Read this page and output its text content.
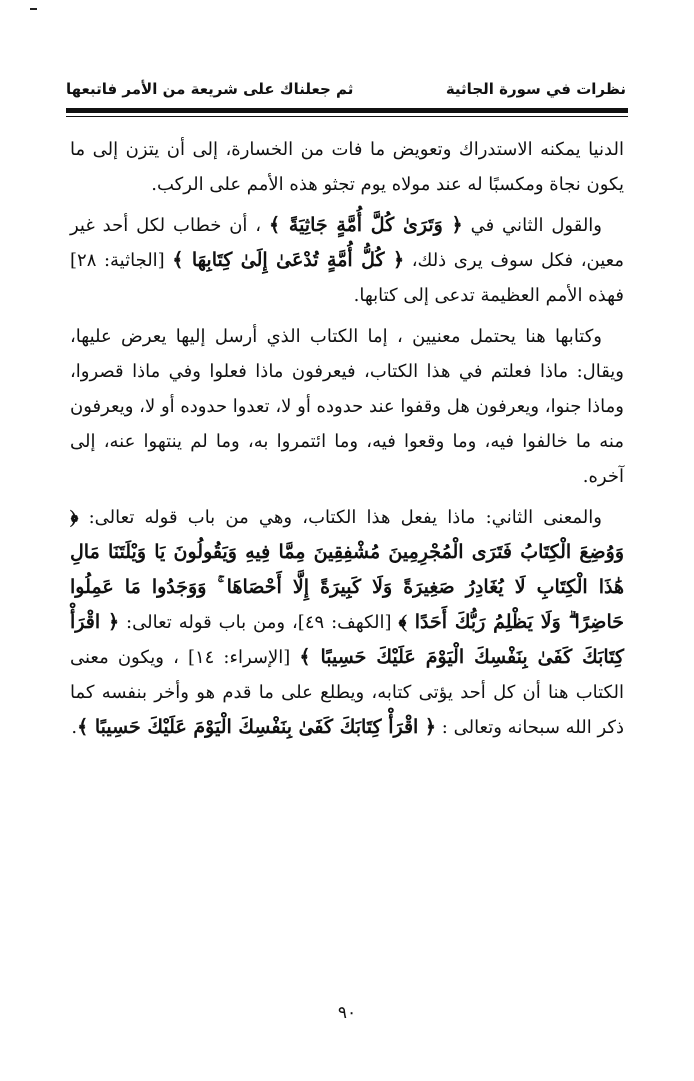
ثم جعلناك على شريعة من الأمر فاتبعها	نظرات في سورة الجاثية

الدنيا يمكنه الاستدراك وتعويض ما فات من الخسارة، إلى أن يتزن إلى ما يكون نجاة ومكسبًا له عند مولاه يوم تجثو هذه الأمم على الركب.

والقول الثاني في ﴿ وَتَرَىٰ كُلَّ أُمَّةٍ جَاثِيَةً ﴾ ، أن خطاب لكل أحد غير معين، فكل سوف يرى ذلك، ﴿ كُلُّ أُمَّةٍ تُدْعَىٰ إِلَىٰ كِتَابِهَا ﴾ [الجاثية: ٢٨] فهذه الأمم العظيمة تدعى إلى كتابها.

وكتابها هنا يحتمل معنيين ، إما الكتاب الذي أرسل إليها يعرض عليها، ويقال: ماذا فعلتم في هذا الكتاب، فيعرفون ماذا فعلوا وفي ماذا قصروا، وماذا جنوا، ويعرفون هل وقفوا عند حدوده أو لا، تعدوا حدوده أو لا، ويعرفون منه ما خالفوا فيه، وما وقعوا فيه، وما ائتمروا به، وما لم ينتهوا عنه، إلى آخره.

والمعنى الثاني: ماذا يفعل هذا الكتاب، وهي من باب قوله تعالى: ﴿ وَوُضِعَ الْكِتَابُ فَتَرَى الْمُجْرِمِينَ مُشْفِقِينَ مِمَّا فِيهِ وَيَقُولُونَ يَا وَيْلَتَنَا مَالِ هَٰذَا الْكِتَابِ لَا يُغَادِرُ صَغِيرَةً وَلَا كَبِيرَةً إِلَّا أَحْصَاهَا ۚ وَوَجَدُوا مَا عَمِلُوا حَاضِرًا ۗ وَلَا يَظْلِمُ رَبُّكَ أَحَدًا ﴾ [الكهف: ٤٩]، ومن باب قوله تعالى: ﴿ اقْرَأْ كِتَابَكَ كَفَىٰ بِنَفْسِكَ الْيَوْمَ عَلَيْكَ حَسِيبًا ﴾ [الإسراء: ١٤] ، ويكون معنى الكتاب هنا أن كل أحد يؤتى كتابه، ويطلع على ما قدم هو وأخر بنفسه كما ذكر الله سبحانه وتعالى : ﴿ اقْرَأْ كِتَابَكَ كَفَىٰ بِنَفْسِكَ الْيَوْمَ عَلَيْكَ حَسِيبًا ﴾.

٩٠
